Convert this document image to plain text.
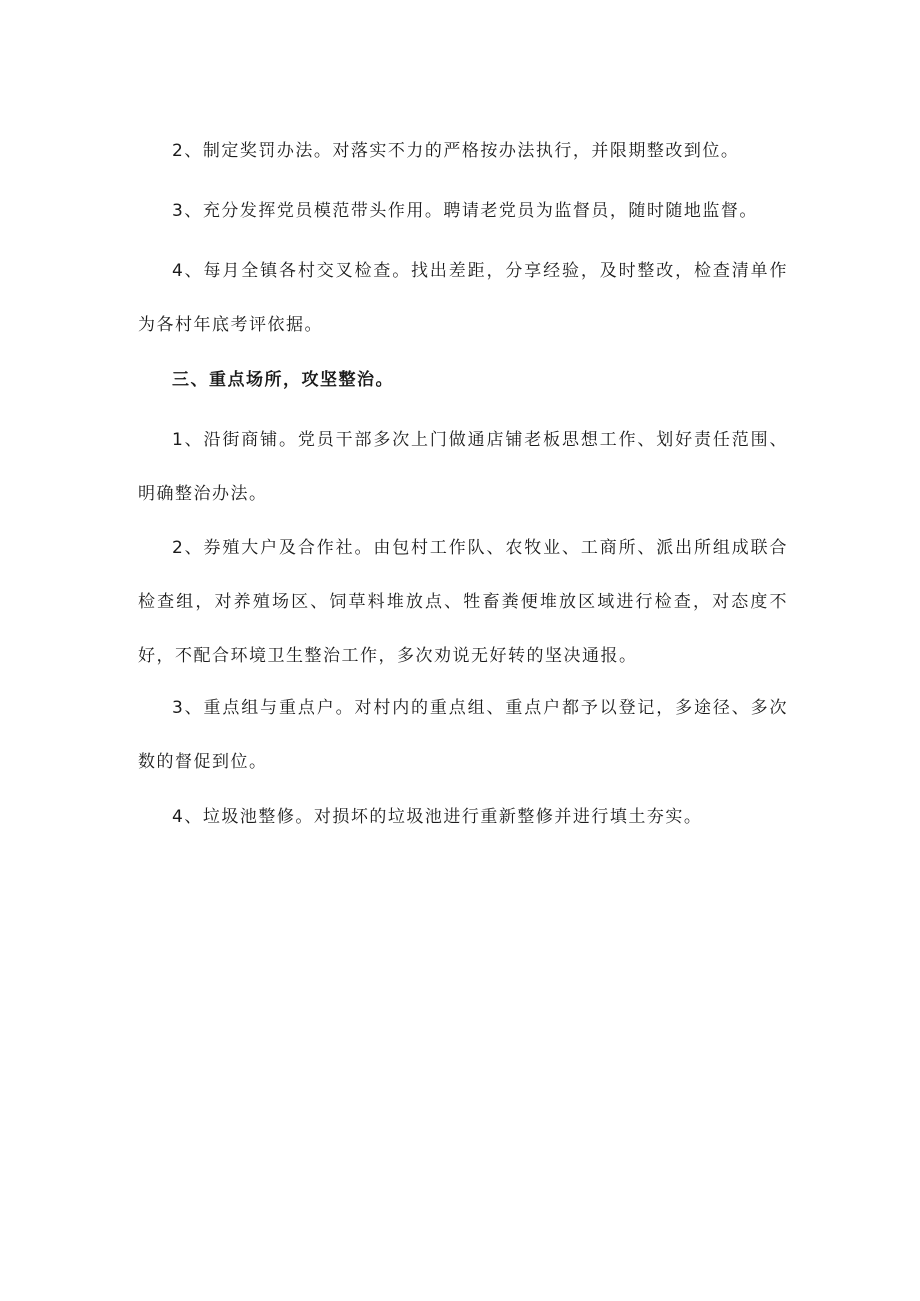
2、制定奖罚办法。对落实不力的严格按办法执行，并限期整改到位。

3、充分发挥党员模范带头作用。聘请老党员为监督员，随时随地监督。

4、每月全镇各村交叉检查。找出差距，分享经验，及时整改，检查清单作为各村年底考评依据。

三、重点场所，攻坚整治。

1、沿街商铺。党员干部多次上门做通店铺老板思想工作、划好责任范围、明确整治办法。

2、券殖大户及合作社。由包村工作队、农牧业、工商所、派出所组成联合检查组，对养殖场区、饲草料堆放点、牲畜粪便堆放区域进行检查，对态度不好，不配合环境卫生整治工作，多次劝说无好转的坚决通报。

3、重点组与重点户。对村内的重点组、重点户都予以登记，多途径、多次数的督促到位。

4、垃圾池整修。对损坏的垃圾池进行重新整修并进行填土夯实。
